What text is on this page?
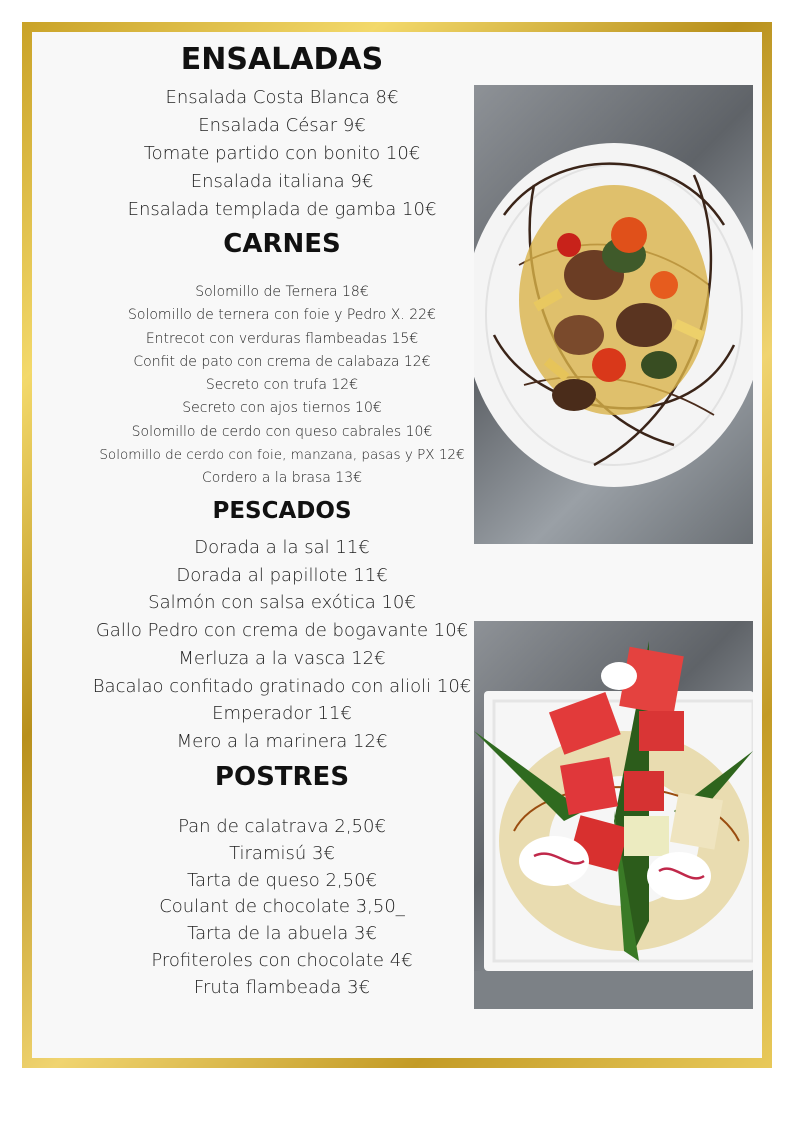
ENSALADAS
Ensalada Costa Blanca 8€
Ensalada César 9€
Tomate partido con bonito 10€
Ensalada italiana 9€
Ensalada templada de gamba 10€
CARNES
Solomillo de Ternera 18€
Solomillo de ternera con foie y Pedro X. 22€
Entrecot con verduras flambeadas 15€
Confit de pato con crema de calabaza 12€
Secreto con trufa 12€
Secreto con ajos tiernos 10€
Solomillo de cerdo con queso cabrales 10€
Solomillo de cerdo con foie, manzana, pasas y PX 12€
Cordero a la brasa 13€
PESCADOS
Dorada a la sal 11€
Dorada al papillote 11€
Salmón con salsa exótica 10€
Gallo Pedro con crema de bogavante 10€
Merluza a la vasca 12€
Bacalao confitado gratinado con alioli 10€
Emperador 11€
Mero a la marinera 12€
POSTRES
Pan de calatrava 2,50€
Tiramisú 3€
Tarta de queso 2,50€
Coulant de chocolate 3,50_
Tarta de la abuela 3€
Profiteroles con chocolate 4€
Fruta flambeada 3€
